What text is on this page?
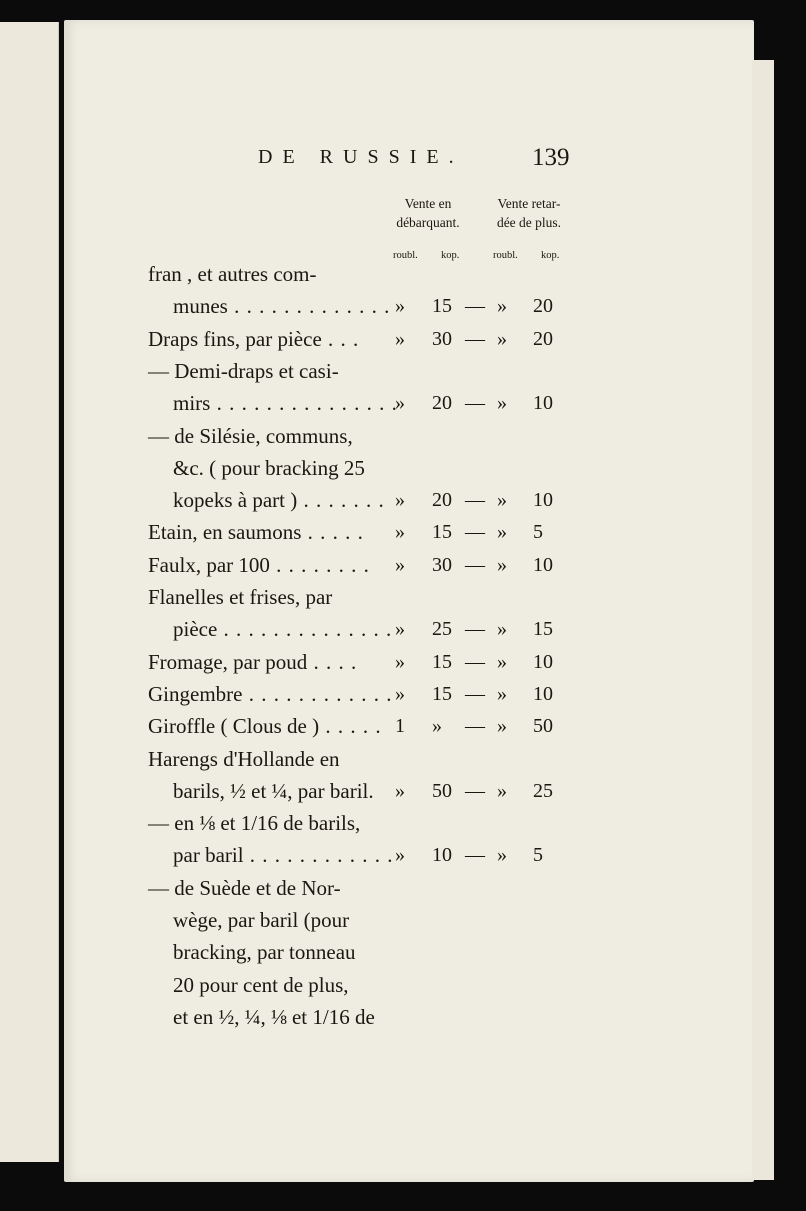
DE RUSSIE.	139
Vente en
débarquant.
Vente retar-
dée de plus.
roubl. kop.	roubl. kop.
fran , et autres com-
munes . . . . . . . . . . . . . » 15 — » 20
Draps fins, par pièce . . . » 30 — » 20
— Demi-draps et casi-
mirs . . . . . . . . . . . . . . .
» 20 — » 10
— de Silésie, communs,
&c. ( pour bracking 25
kopeks à part ) . . . . . . . » 20 — » 10
Etain, en saumons . . . . . » 15 — » 5
Faulx, par 100 . . . . . . . . » 30 — » 10
Flanelles et frises, par
pièce . . . . . . . . . . . . . . » 25 — » 15
Fromage, par poud . . . . » 15 — » 10
Gingembre . . . . . . . . . . . . » 15 — » 10
Giroffle ( Clous de ) . . . . . 1 » — » 50
Harengs d'Hollande en
barils, ½ et ¼, par baril. » 50 — » 25
— en ⅛ et 1/16 de barils,
par baril . . . . . . . . . . . . » 10 — » 5
— de Suède et de Nor-
wège, par baril (pour
bracking, par tonneau
20 pour cent de plus,
et en ½, ¼, ⅛ et 1/16 de
